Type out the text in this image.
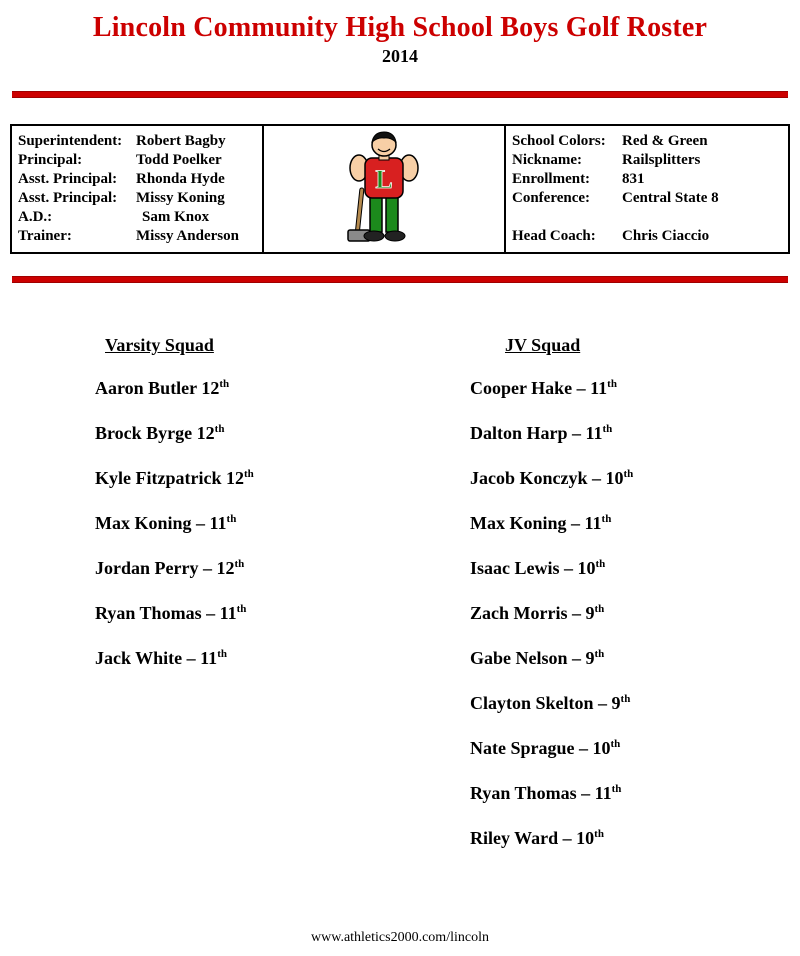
Lincoln Community High School Boys Golf Roster
2014
Superintendent: Robert Bagby
Principal:	Todd Poelker
Asst. Principal:	Rhonda Hyde
Asst. Principal:	Missy Koning
A.D.:	Sam Knox
Trainer:	Missy Anderson
L
School Colors:	Red & Green
Nickname:	Railsplitters
Enrollment:	831
Conference:	Central State 8
Head Coach:	Chris Ciaccio
Varsity Squad
Aaron Butler 12th
Brock Byrge 12th
Kyle Fitzpatrick 12th
Max Koning – 11th
Jordan Perry – 12th
Ryan Thomas – 11th
Jack White – 11th
JV Squad
Cooper Hake – 11th
Dalton Harp – 11th
Jacob Konczyk – 10th
Max Koning – 11th
Isaac Lewis – 10th
Zach Morris – 9th
Gabe Nelson – 9th
Clayton Skelton – 9th
Nate Sprague – 10th
Ryan Thomas – 11th
Riley Ward – 10th
www.athletics2000.com/lincoln
